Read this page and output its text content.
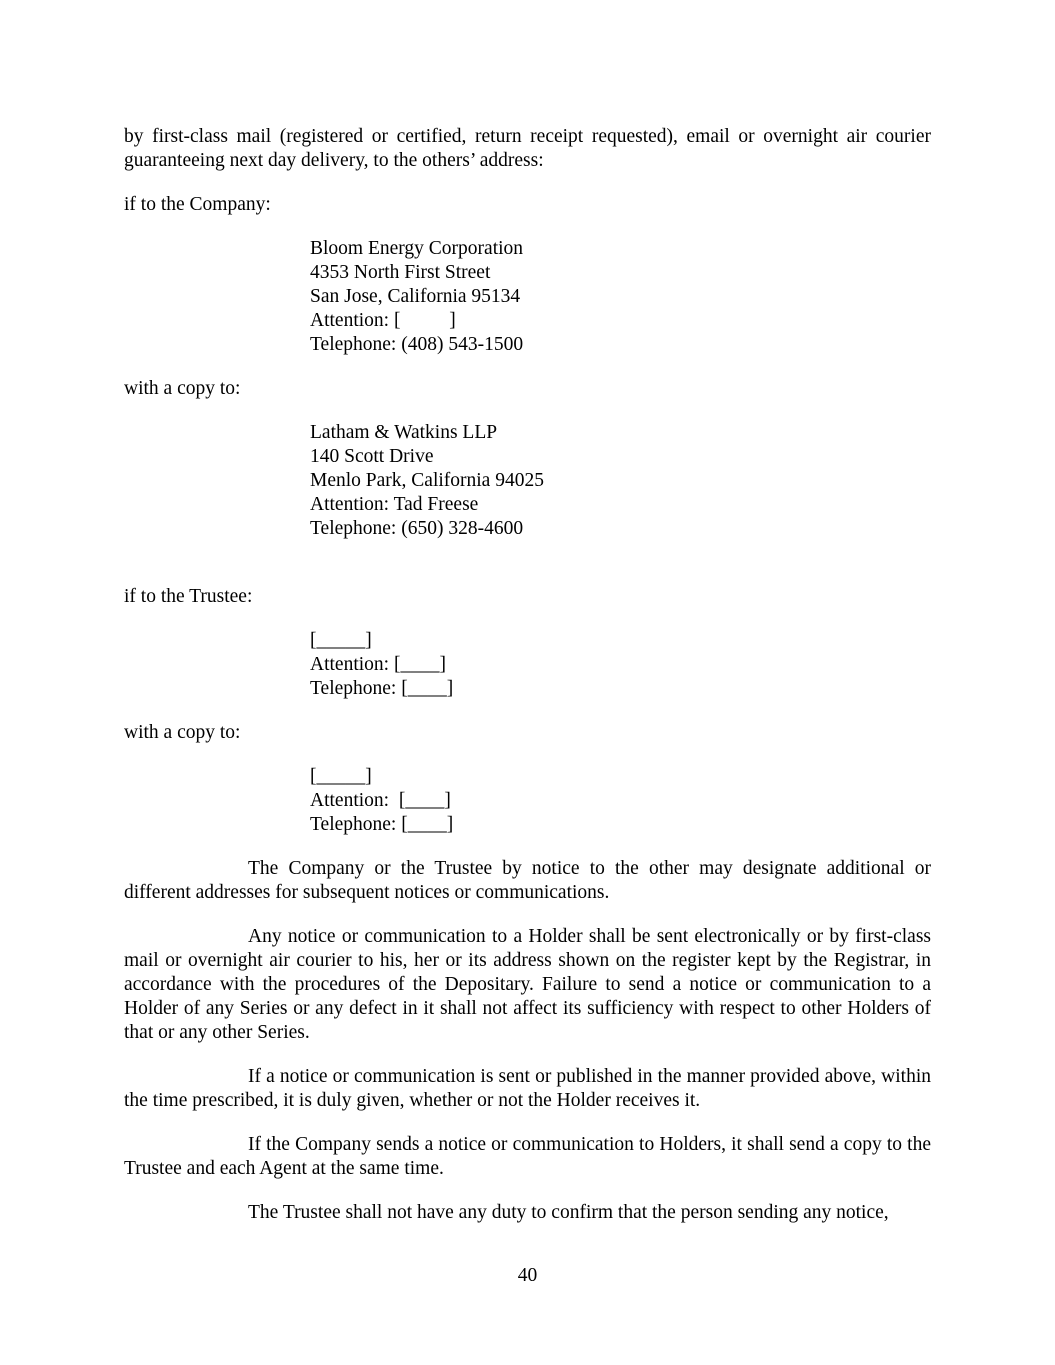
by first-class mail (registered or certified, return receipt requested), email or overnight air courier guaranteeing next day delivery, to the others’ address:

if to the Company:

Bloom Energy Corporation
4353 North First Street
San Jose, California 95134
Attention: [          ]
Telephone: (408) 543-1500

with a copy to:

Latham & Watkins LLP
140 Scott Drive
Menlo Park, California 94025
Attention: Tad Freese
Telephone: (650) 328-4600

if to the Trustee:

[_____]
Attention: [____]
Telephone: [____]

with a copy to:

[_____]
Attention:  [____]
Telephone: [____]

The Company or the Trustee by notice to the other may designate additional or different addresses for subsequent notices or communications.

Any notice or communication to a Holder shall be sent electronically or by first-class mail or overnight air courier to his, her or its address shown on the register kept by the Registrar, in accordance with the procedures of the Depositary. Failure to send a notice or communication to a Holder of any Series or any defect in it shall not affect its sufficiency with respect to other Holders of that or any other Series.

If a notice or communication is sent or published in the manner provided above, within the time prescribed, it is duly given, whether or not the Holder receives it.

If the Company sends a notice or communication to Holders, it shall send a copy to the Trustee and each Agent at the same time.

The Trustee shall not have any duty to confirm that the person sending any notice,

40
